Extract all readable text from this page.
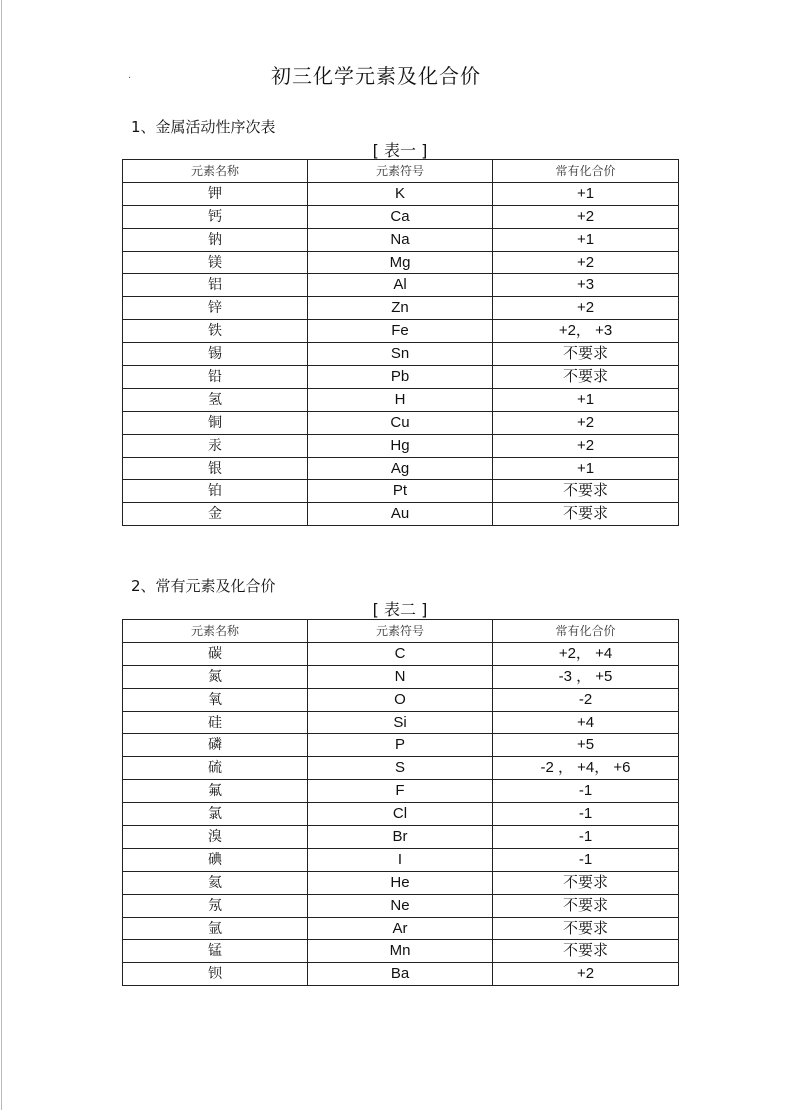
.	初三化学元素及化合价
1、金属活动性序次表
[ 表一 ]
元素名称	元素符号	常有化合价
钾	K	+1
钙	Ca	+2
钠	Na	+1
镁	Mg	+2
铝	Al	+3
锌	Zn	+2
铁	Fe	+2， +3
锡	Sn	不要求
铅	Pb	不要求
氢	H	+1
铜	Cu	+2
汞	Hg	+2
银	Ag	+1
铂	Pt	不要求
金	Au	不要求
2、常有元素及化合价
[ 表二 ]
元素名称	元素符号	常有化合价
碳	C	+2， +4
氮	N	-3 ， +5
氧	O	-2
硅	Si	+4
磷	P	+5
硫	S	-2 ， +4， +6
氟	F	-1
氯	Cl	-1
溴	Br	-1
碘	I	-1
氦	He	不要求
氖	Ne	不要求
氩	Ar	不要求
锰	Mn	不要求
钡	Ba	+2
